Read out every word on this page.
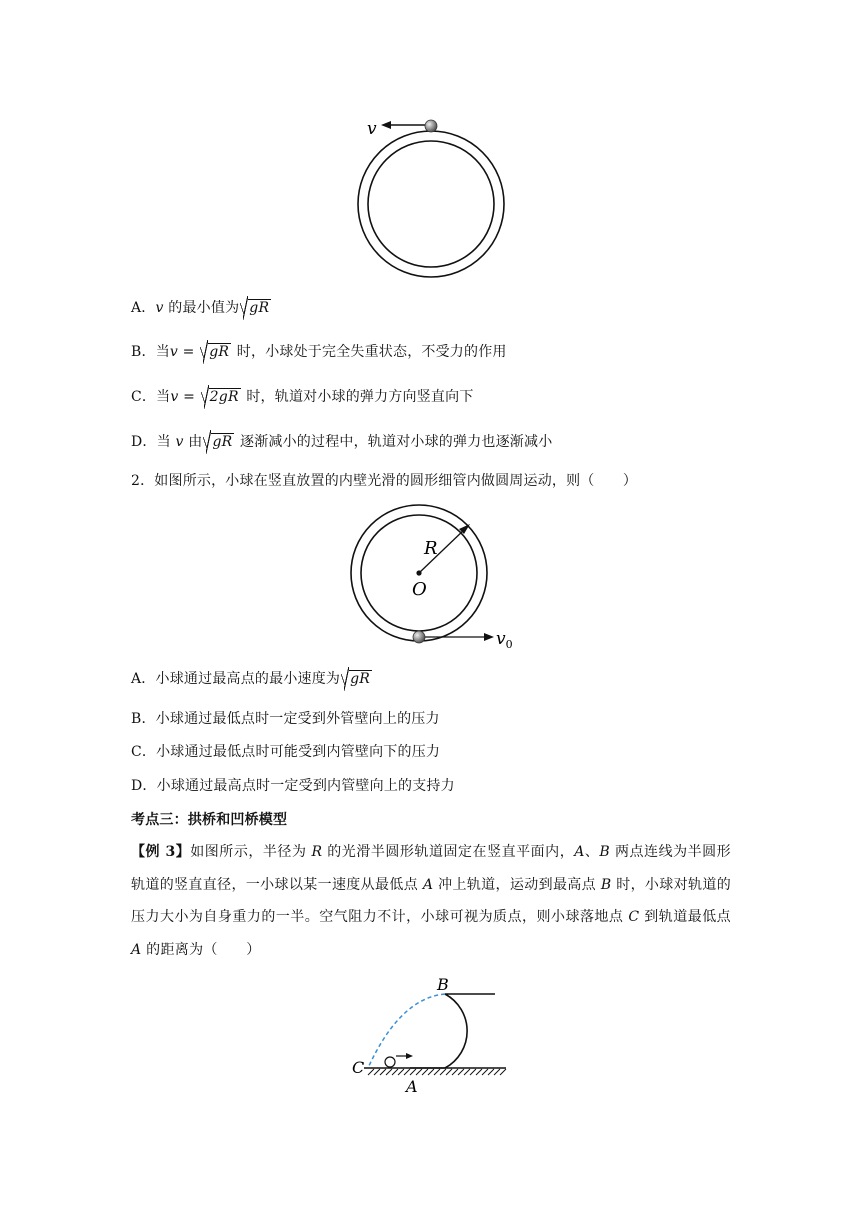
v
A．v 的最小值为 gR
B．当v = gR 时，小球处于完全失重状态，不受力的作用
C．当v = 2gR 时，轨道对小球的弹力方向竖直向下
D．当 v 由 gR 逐渐减小的过程中，轨道对小球的弹力也逐渐减小
2．如图所示，小球在竖直放置的内壁光滑的圆形细管内做圆周运动，则（　　）
R
O
$v_0$
A．小球通过最高点的最小速度为 gR
B．小球通过最低点时一定受到外管壁向上的压力
C．小球通过最低点时可能受到内管壁向下的压力
D．小球通过最高点时一定受到内管壁向上的支持力
考点三：拱桥和凹桥模型
【例 3】如图所示，半径为 R 的光滑半圆形轨道固定在竖直平面内，A、B 两点连线为半圆形轨道的竖直直径，一小球以某一速度从最低点 A 冲上轨道，运动到最高点 B 时，小球对轨道的压力大小为自身重力的一半。空气阻力不计，小球可视为质点，则小球落地点 C 到轨道最低点 A 的距离为（　　）
B
C
A
